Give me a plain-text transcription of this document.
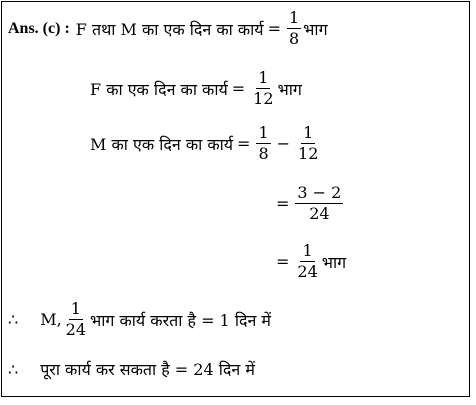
Ans. (c) : F तथा M का एक दिन का कार्य = $\frac{1}{8}$ भाग
F का एक दिन का कार्य = $\frac{1}{12}$ भाग
M का एक दिन का कार्य = $\frac{1}{8} - \frac{1}{12}$
= $\frac{3 - 2}{24}$
= $\frac{1}{24}$ भाग
∴ M, $\frac{1}{24}$ भाग कार्य करता है = 1 दिन में
∴ पूरा कार्य कर सकता है = 24 दिन में
